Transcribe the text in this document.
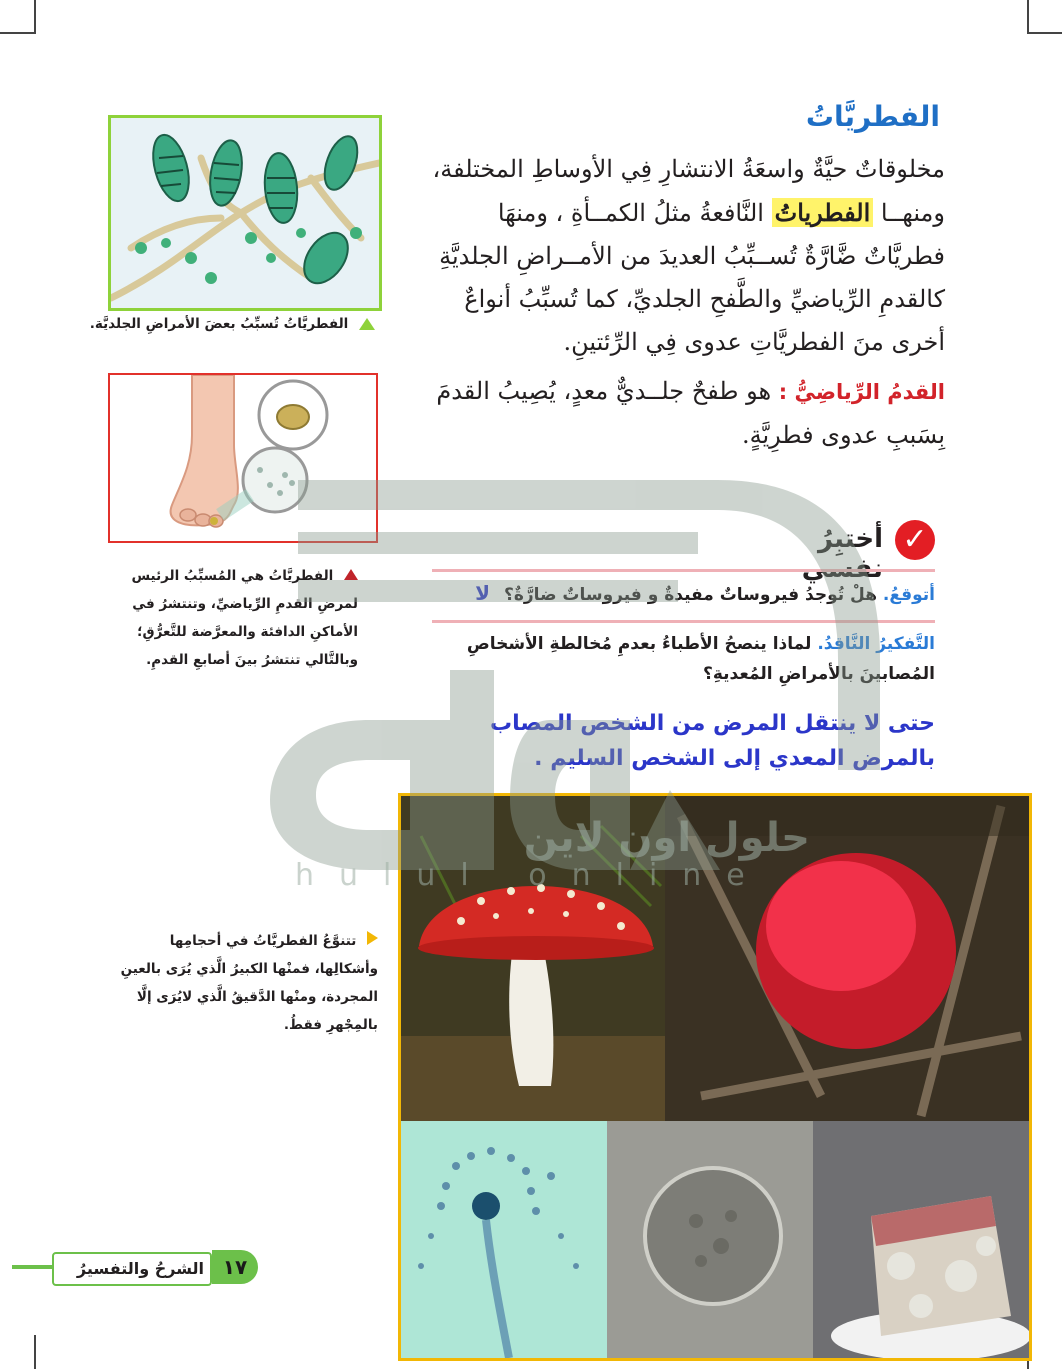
الفطريَّاتُ
مخلوقاتٌ حيَّةٌ واسعَةُ الانتشارِ فِي الأوساطِ المختلفة، ومنهــا الفطرياتُ النَّافعةُ مثلُ الكمــأةِ ، ومنهَا فطريَّاتٌ ضَّارَّةٌ تُســبِّبُ العديدَ من الأمــراضِ الجلديَّةِ كالقدمِ الرِّياضيِّ والطَّفحِ الجلديِّ، كما تُسبِّبُ أنواعٌ أخرى منَ الفطريَّاتِ عدوى فِي الرِّئتينِ.
القدمُ الرِّياضِيُّ : هو طفحٌ جلــديٌّ معدٍ، يُصِيبُ القدمَ بِسَببِ عدوى فطرِيَّةٍ.
الفطريَّاتُ تُسبِّبُ بعضَ الأمراضِ الجلديَّة.
الفطريَّاتُ هي المُسبِّبُ الرئيس لمرضِ القدمِ الرِّياضيِّ، وتنتشرُ في الأماكنِ الدافئة والمعرَّضة للتَّعرُّقِ؛ وبالتَّالي تنتشرُ بينَ أصابعِ القدمِ.
✓
أختبِرُ نفسي
أتوقعُ. هلْ تُوجدُ فيروساتٌ مفيدةٌ و فيروساتٌ ضارَّةٌ؟ لا
التَّفكيرُ النَّاقدُ. لماذا ينصحُ الأطباءُ بعدمِ مُخالطةِ الأشخاصِ المُصابينَ بالأمراضِ المُعديةِ؟
حتى لا ينتقل المرض من الشخص المصاب
بالمرض المعدي إلى الشخص السليم .
تتنوَّعُ الفطريَّاتُ في أحجامِها وأشكالِها، فمنْها الكبيرُ الَّذي يُرَى بالعينِ المجردة، ومنْها الدَّقيقُ الَّذي لايُرَى إلَّا بالمِجْهرِ فقطُ.
حلول اون لاين
hulul online
الشرحُ والتفسيرُ ١٧
